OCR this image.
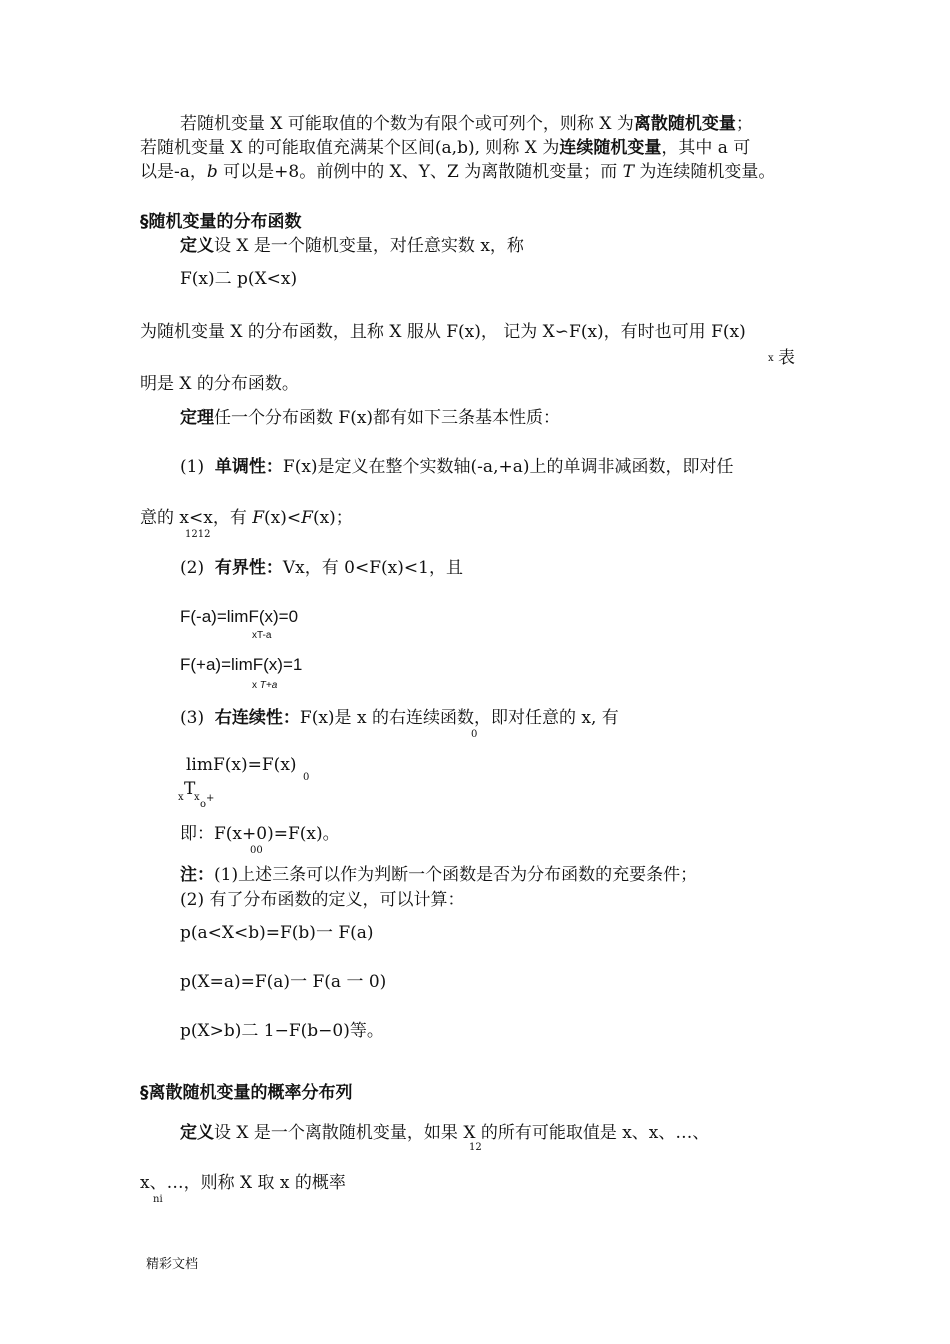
若随机变量 X 可能取值的个数为有限个或可列个，则称 X 为离散随机变量；
若随机变量 X 的可能取值充满某个区间(a,b), 则称 X 为连续随机变量，其中 a 可
以是-a，b 可以是+8。前例中的 X、Y、Z 为离散随机变量；而 T 为连续随机变量。
§随机变量的分布函数
定义设 X 是一个随机变量，对任意实数 x，称
F(x)二 p(X<x)
为随机变量 X 的分布函数，且称 X 服从 F(x)， 记为 X∽F(x)，有时也可用 F(x)
x 表
明是 X 的分布函数。
定理任一个分布函数 F(x)都有如下三条基本性质：
(1) 单调性：F(x)是定义在整个实数轴(-a,+a)上的单调非减函数，即对任
意的 x<x，有 F(x)<F(x)；
1212
(2) 有界性：Vx，有 0<F(x)<1，且
F(-a)=limF(x)=0
xT-a
F(+a)=limF(x)=1
x T+a
(3) 右连续性：F(x)是 x 的右连续函数，即对任意的 x, 有
0
limF(x)=F(x)
0
T
x x
o
+
即：F(x+0)=F(x)。
00
注：(1)上述三条可以作为判断一个函数是否为分布函数的充要条件；
(2) 有了分布函数的定义，可以计算：
p(a<X<b)=F(b)一 F(a)
p(X=a)=F(a)一 F(a 一 0)
p(X>b)二 1−F(b−0)等。
§离散随机变量的概率分布列
定义设 X 是一个离散随机变量，如果 X 的所有可能取值是 x、x、…、
12
x、…，则称 X 取 x 的概率
ni
精彩文档
